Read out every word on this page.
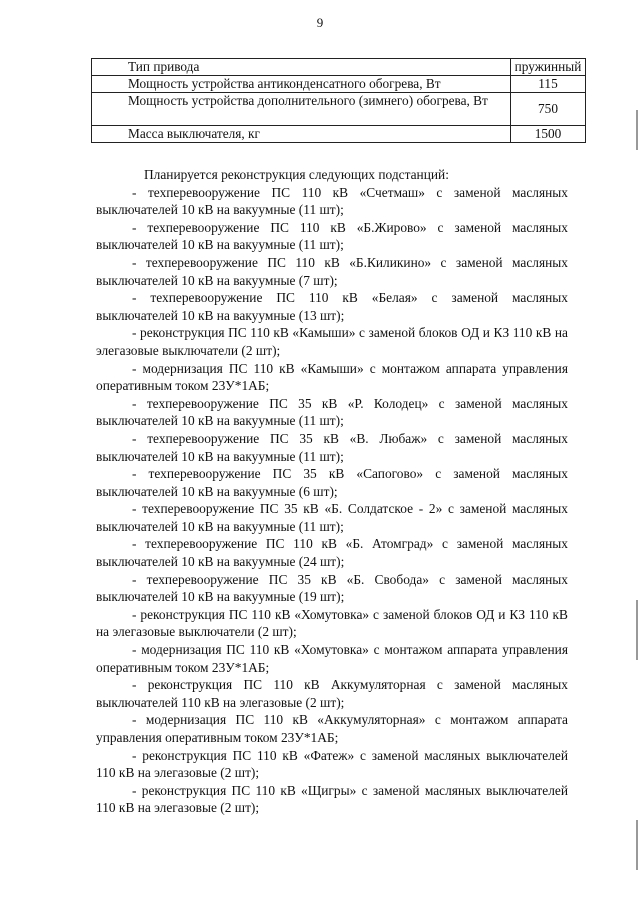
9
Тип привода	пружинный
Мощность устройства антиконденсатного обогрева, Вт	115
Мощность устройства дополнительного (зимнего) обогрева, Вт	750
Масса выключателя, кг	1500
Планируется реконструкция следующих подстанций:

- техперевооружение ПС 110 кВ «Счетмаш» с заменой масляных выключателей 10 кВ на вакуумные (11 шт);

- техперевооружение ПС 110 кВ «Б.Жирово» с заменой масляных выключателей 10 кВ на вакуумные (11 шт);

- техперевооружение ПС 110 кВ «Б.Киликино» с заменой масляных выключателей 10 кВ на вакуумные (7 шт);

- техперевооружение ПС 110 кВ «Белая» с заменой масляных выключателей 10 кВ на вакуумные (13 шт);

- реконструкция ПС 110 кВ «Камыши» с заменой блоков ОД и КЗ 110 кВ на элегазовые выключатели (2 шт);

- модернизация ПС 110 кВ «Камыши» с монтажом аппарата управления оперативным током 23У*1АБ;

- техперевооружение ПС 35 кВ «Р. Колодец» с заменой масляных выключателей 10 кВ на вакуумные (11 шт);

- техперевооружение ПС 35 кВ «В. Любаж» с заменой масляных выключателей 10 кВ на вакуумные (11 шт);

- техперевооружение ПС 35 кВ «Сапогово» с заменой масляных выключателей 10 кВ на вакуумные (6 шт);

- техперевооружение ПС 35 кВ «Б. Солдатское - 2» с заменой масляных выключателей 10 кВ на вакуумные (11 шт);

- техперевооружение ПС 110 кВ «Б. Атомград» с заменой масляных выключателей 10 кВ на вакуумные (24 шт);

- техперевооружение ПС 35 кВ «Б. Свобода» с заменой масляных выключателей 10 кВ на вакуумные (19 шт);

- реконструкция ПС 110 кВ «Хомутовка» с заменой блоков ОД и КЗ 110 кВ на элегазовые выключатели (2 шт);

- модернизация ПС 110 кВ «Хомутовка» с монтажом аппарата управления оперативным током 23У*1АБ;

- реконструкция ПС 110 кВ Аккумуляторная с заменой масляных выключателей 110 кВ на элегазовые (2 шт);

- модернизация ПС 110 кВ «Аккумуляторная» с монтажом аппарата управления оперативным током 23У*1АБ;

- реконструкция ПС 110 кВ «Фатеж» с заменой масляных выключателей 110 кВ на элегазовые (2 шт);

- реконструкция ПС 110 кВ «Щигры» с заменой масляных выключателей 110 кВ на элегазовые (2 шт);
